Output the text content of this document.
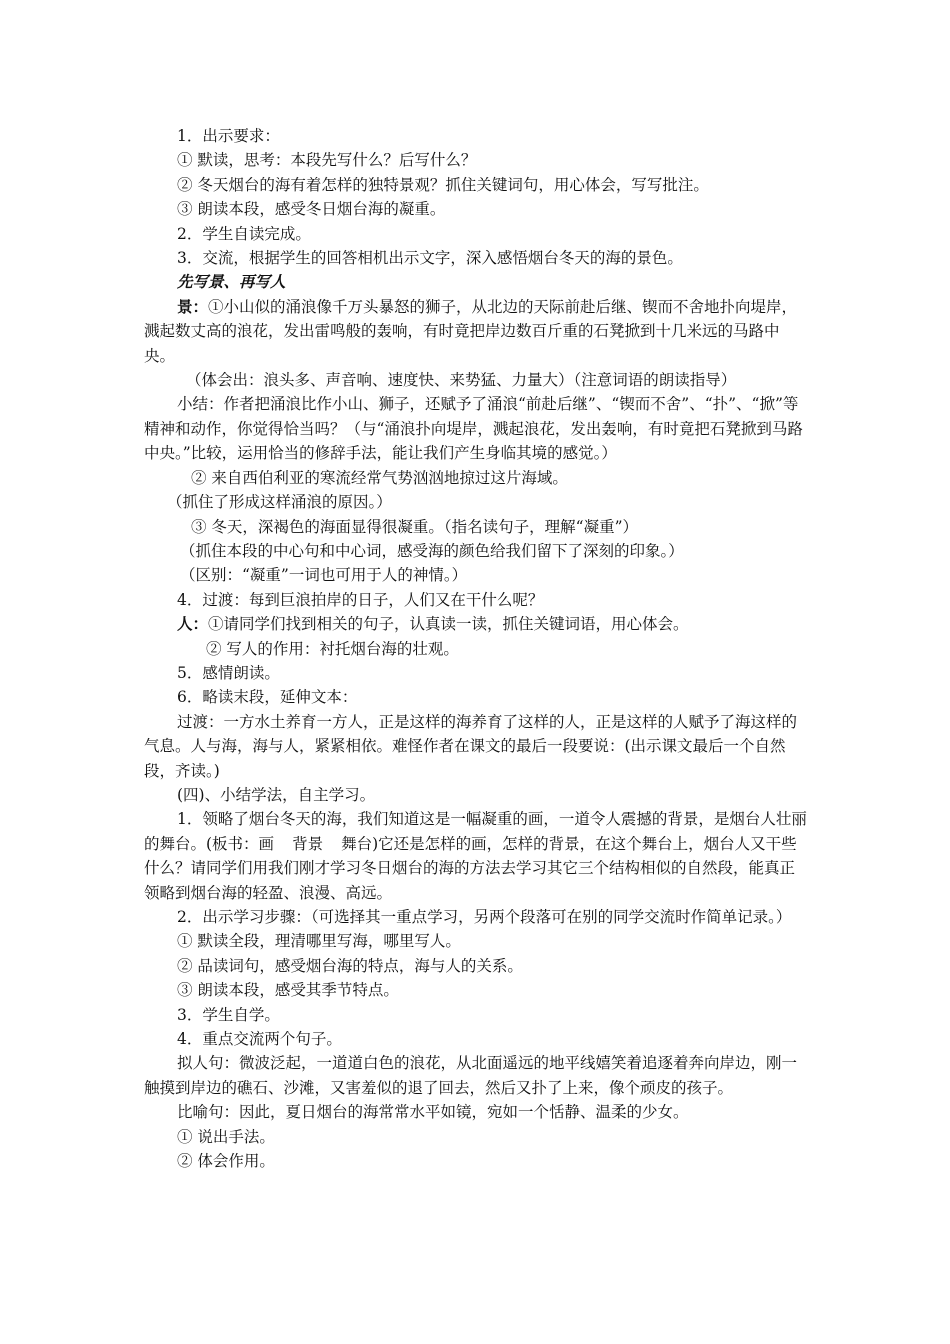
1．出示要求：

① 默读，思考：本段先写什么？后写什么？

② 冬天烟台的海有着怎样的独特景观？抓住关键词句，用心体会，写写批注。

③ 朗读本段，感受冬日烟台海的凝重。

2．学生自读完成。

3．交流，根据学生的回答相机出示文字，深入感悟烟台冬天的海的景色。

先写景、再写人

景：①小山似的涌浪像千万头暴怒的狮子，从北边的天际前赴后继、锲而不舍地扑向堤岸，溅起数丈高的浪花，发出雷鸣般的轰响，有时竟把岸边数百斤重的石凳掀到十几米远的马路中央。

（体会出：浪头多、声音响、速度快、来势猛、力量大）（注意词语的朗读指导）

小结：作者把涌浪比作小山、狮子，还赋予了涌浪“前赴后继”、“锲而不舍”、“扑”、“掀”等精神和动作，你觉得恰当吗？（与“涌浪扑向堤岸，溅起浪花，发出轰响，有时竟把石凳掀到马路中央。”比较，运用恰当的修辞手法，能让我们产生身临其境的感觉。）

② 来自西伯利亚的寒流经常气势汹汹地掠过这片海域。

（抓住了形成这样涌浪的原因。）

③ 冬天，深褐色的海面显得很凝重。（指名读句子，理解“凝重”）

（抓住本段的中心句和中心词，感受海的颜色给我们留下了深刻的印象。）

（区别：“凝重”一词也可用于人的神情。）

4．过渡：每到巨浪拍岸的日子，人们又在干什么呢？

人：①请同学们找到相关的句子，认真读一读，抓住关键词语，用心体会。

② 写人的作用：衬托烟台海的壮观。

5．感情朗读。

6．略读末段，延伸文本：

过渡：一方水土养育一方人，正是这样的海养育了这样的人，正是这样的人赋予了海这样的气息。人与海，海与人，紧紧相依。难怪作者在课文的最后一段要说：(出示课文最后一个自然段，齐读。)

(四)、小结学法，自主学习。

1．领略了烟台冬天的海，我们知道这是一幅凝重的画，一道令人震撼的背景，是烟台人壮丽的舞台。(板书：画 背景 舞台)它还是怎样的画，怎样的背景，在这个舞台上，烟台人又干些什么？请同学们用我们刚才学习冬日烟台的海的方法去学习其它三个结构相似的自然段，能真正领略到烟台海的轻盈、浪漫、高远。

2．出示学习步骤：（可选择其一重点学习，另两个段落可在别的同学交流时作简单记录。）

① 默读全段，理清哪里写海，哪里写人。

② 品读词句，感受烟台海的特点，海与人的关系。

③ 朗读本段，感受其季节特点。

3．学生自学。

4．重点交流两个句子。

拟人句：微波泛起，一道道白色的浪花，从北面遥远的地平线嬉笑着追逐着奔向岸边，刚一触摸到岸边的礁石、沙滩，又害羞似的退了回去，然后又扑了上来，像个顽皮的孩子。

比喻句：因此，夏日烟台的海常常水平如镜，宛如一个恬静、温柔的少女。

① 说出手法。

② 体会作用。
